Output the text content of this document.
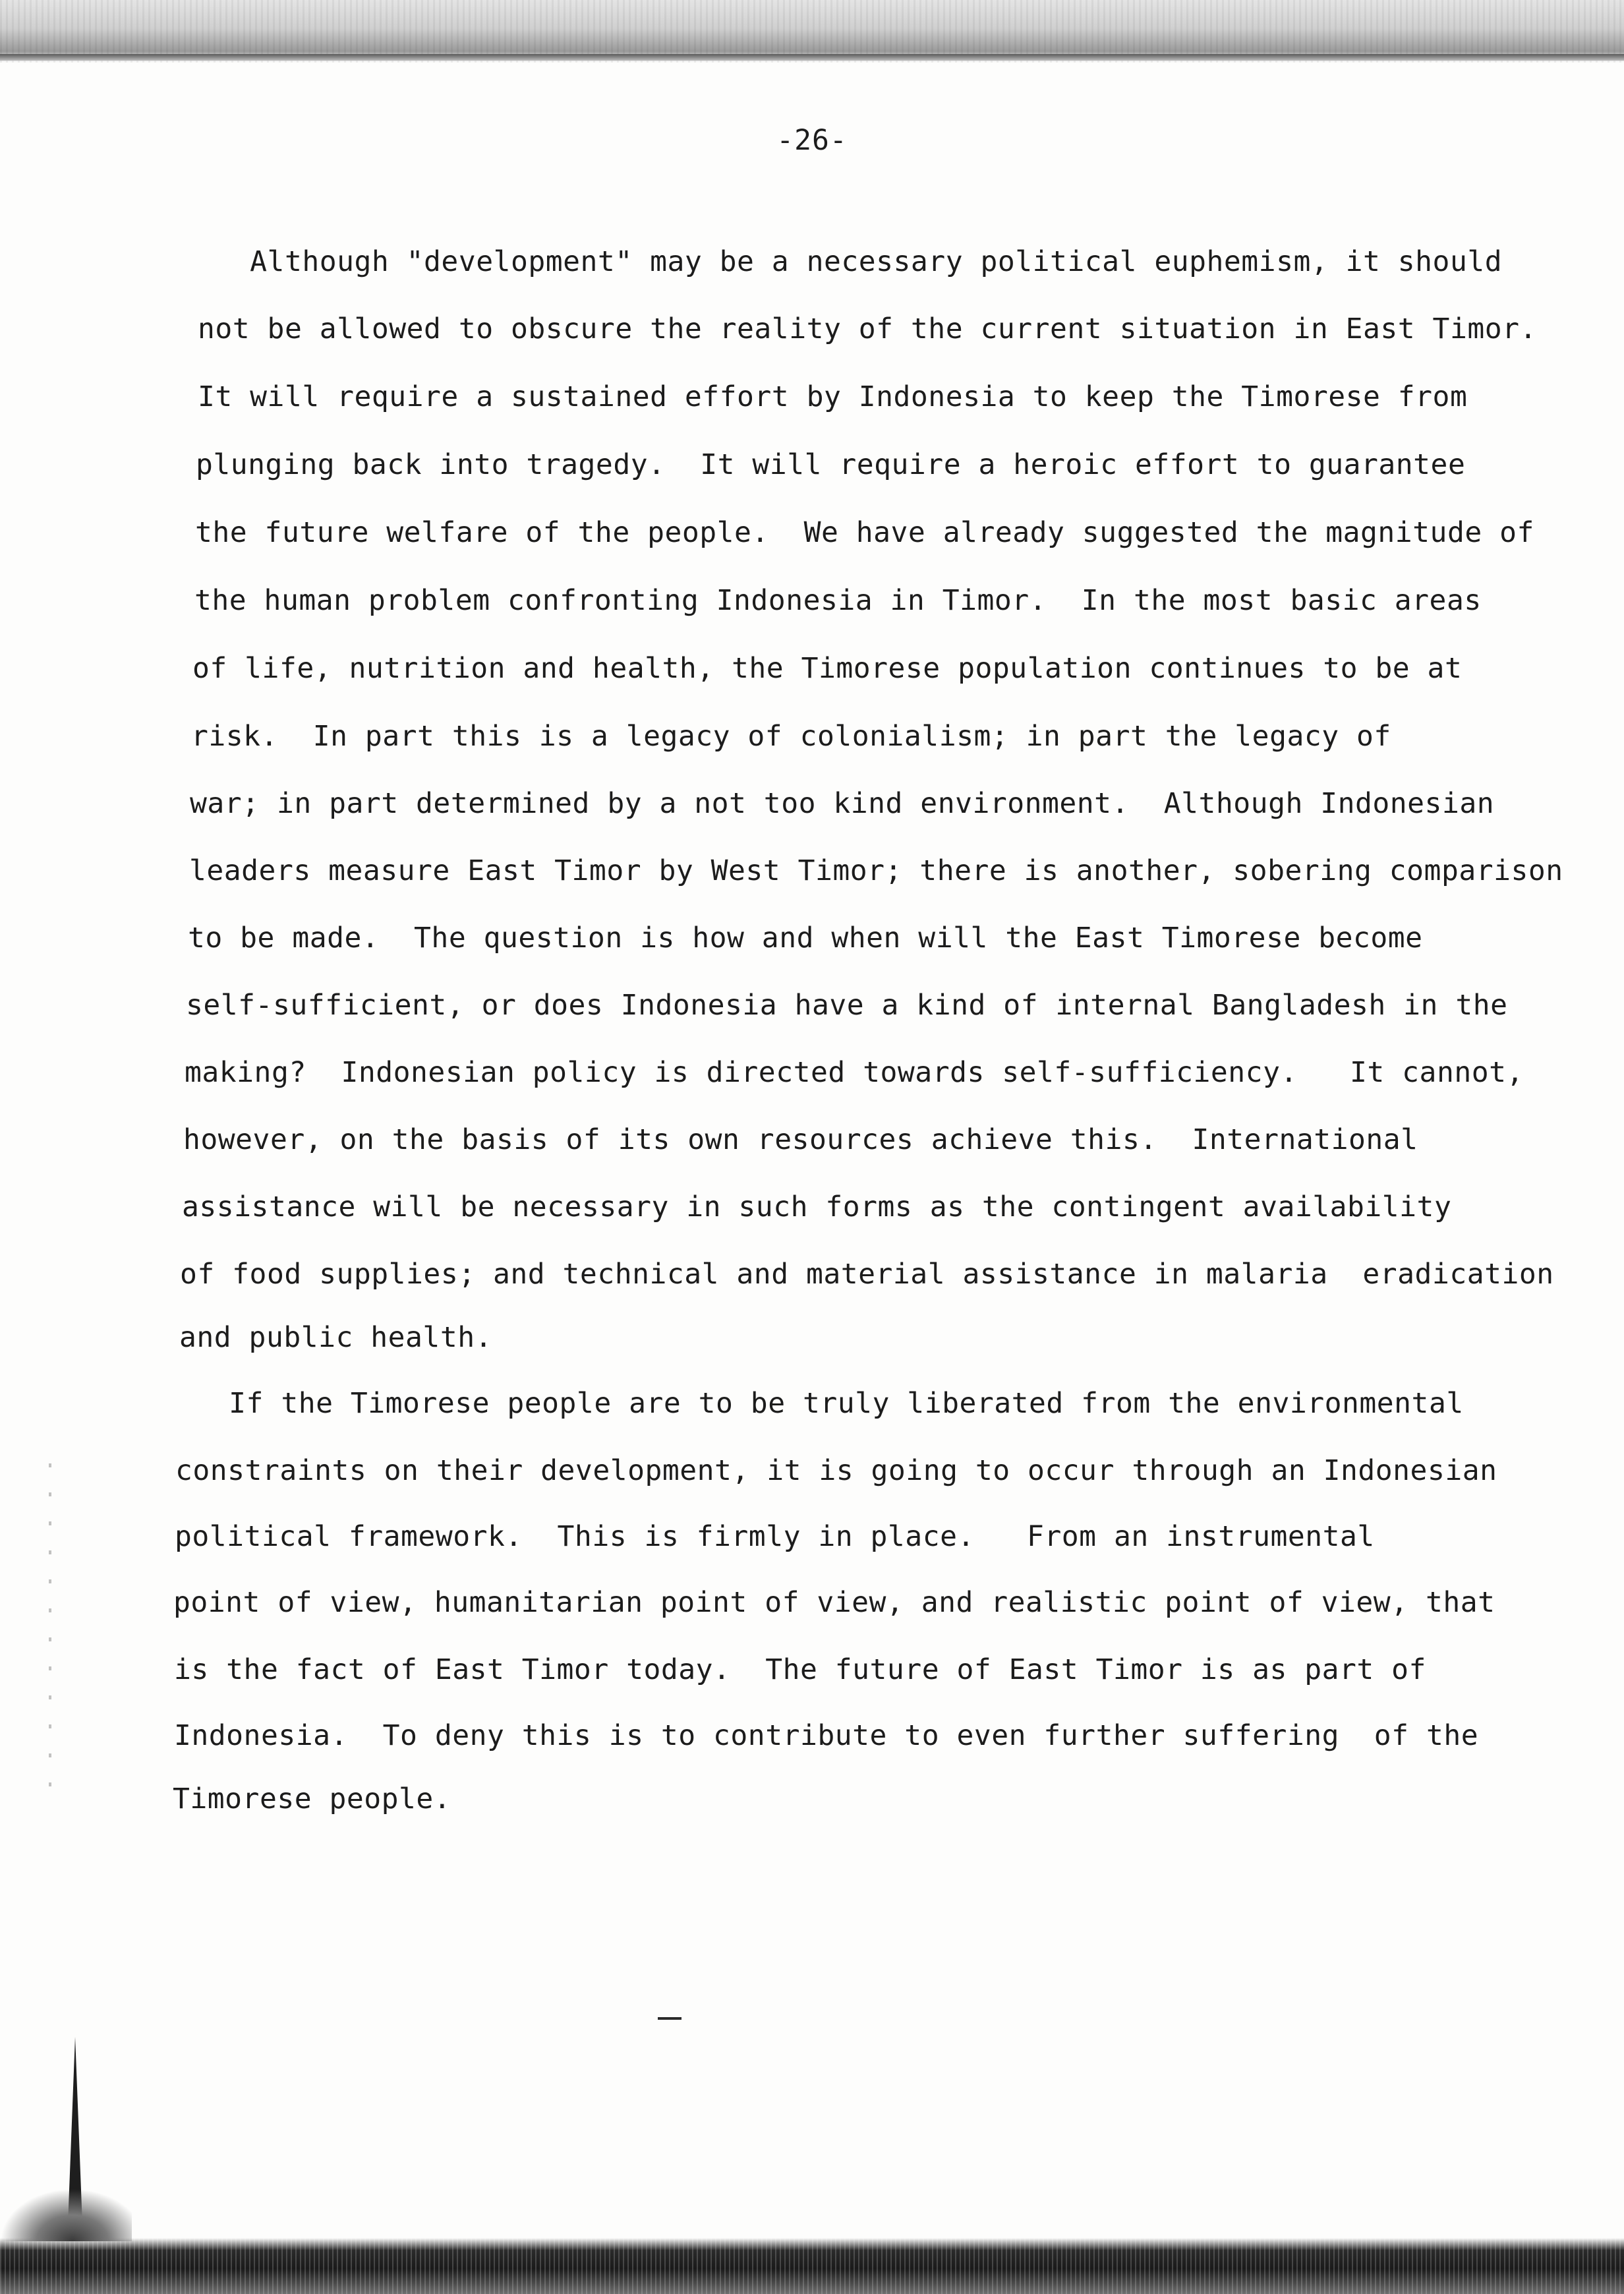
-26-
Although "development" may be a necessary political euphemism, it should
not be allowed to obscure the reality of the current situation in East Timor.
It will require a sustained effort by Indonesia to keep the Timorese from
plunging back into tragedy.  It will require a heroic effort to guarantee
the future welfare of the people.  We have already suggested the magnitude of
the human problem confronting Indonesia in Timor.  In the most basic areas
of life, nutrition and health, the Timorese population continues to be at
risk.  In part this is a legacy of colonialism; in part the legacy of
war; in part determined by a not too kind environment.  Although Indonesian
leaders measure East Timor by West Timor; there is another, sobering comparison
to be made.  The question is how and when will the East Timorese become
self-sufficient, or does Indonesia have a kind of internal Bangladesh in the
making?  Indonesian policy is directed towards self-sufficiency.   It cannot,
however, on the basis of its own resources achieve this.  International
assistance will be necessary in such forms as the contingent availability
of food supplies; and technical and material assistance in malaria  eradication
and public health.
If the Timorese people are to be truly liberated from the environmental
constraints on their development, it is going to occur through an Indonesian
political framework.  This is firmly in place.   From an instrumental
point of view, humanitarian point of view, and realistic point of view, that
is the fact of East Timor today.  The future of East Timor is as part of
Indonesia.  To deny this is to contribute to even further suffering  of the
Timorese people.
